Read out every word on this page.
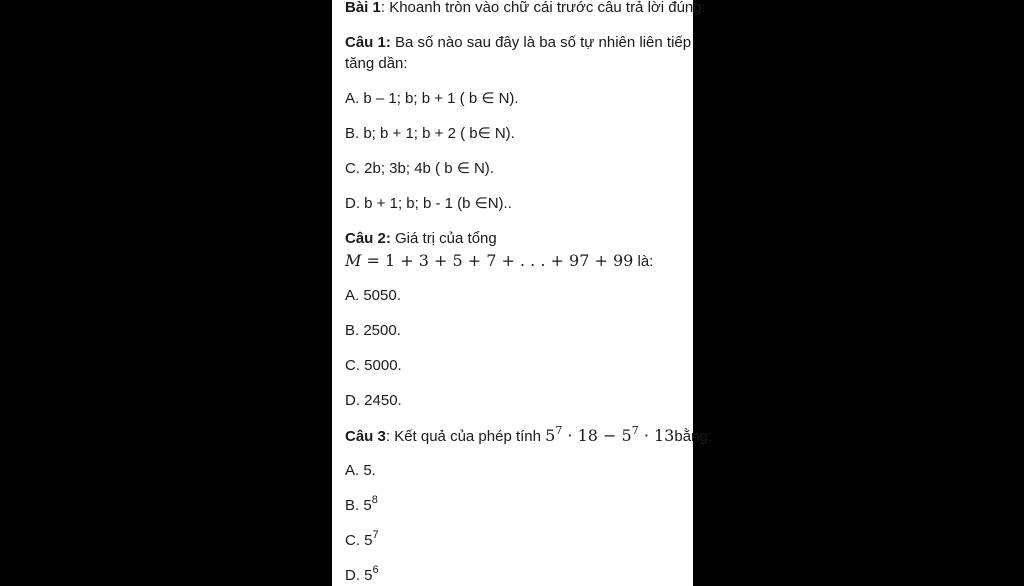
Bài 1: Khoanh tròn vào chữ cái trước câu trả lời đúng:
Câu 1: Ba số nào sau đây là ba số tự nhiên liên tiếp
tăng dần:
A. b – 1; b; b + 1 ( b ∈ N).
B. b; b + 1; b + 2 ( b∈ N).
C. 2b; 3b; 4b ( b ∈ N).
D. b + 1; b; b - 1 (b ∈N)..
Câu 2: Giá trị của tổng
M = 1 + 3 + 5 + 7 + . . . + 97 + 99 là:
A. 5050.
B. 2500.
C. 5000.
D. 2450.
Câu 3: Kết quả của phép tính $5^7 \cdot 18 - 5^7$ · 13bằng:
A. 5.
B. $5^8$
C. $5^7$
D. $5^6$
